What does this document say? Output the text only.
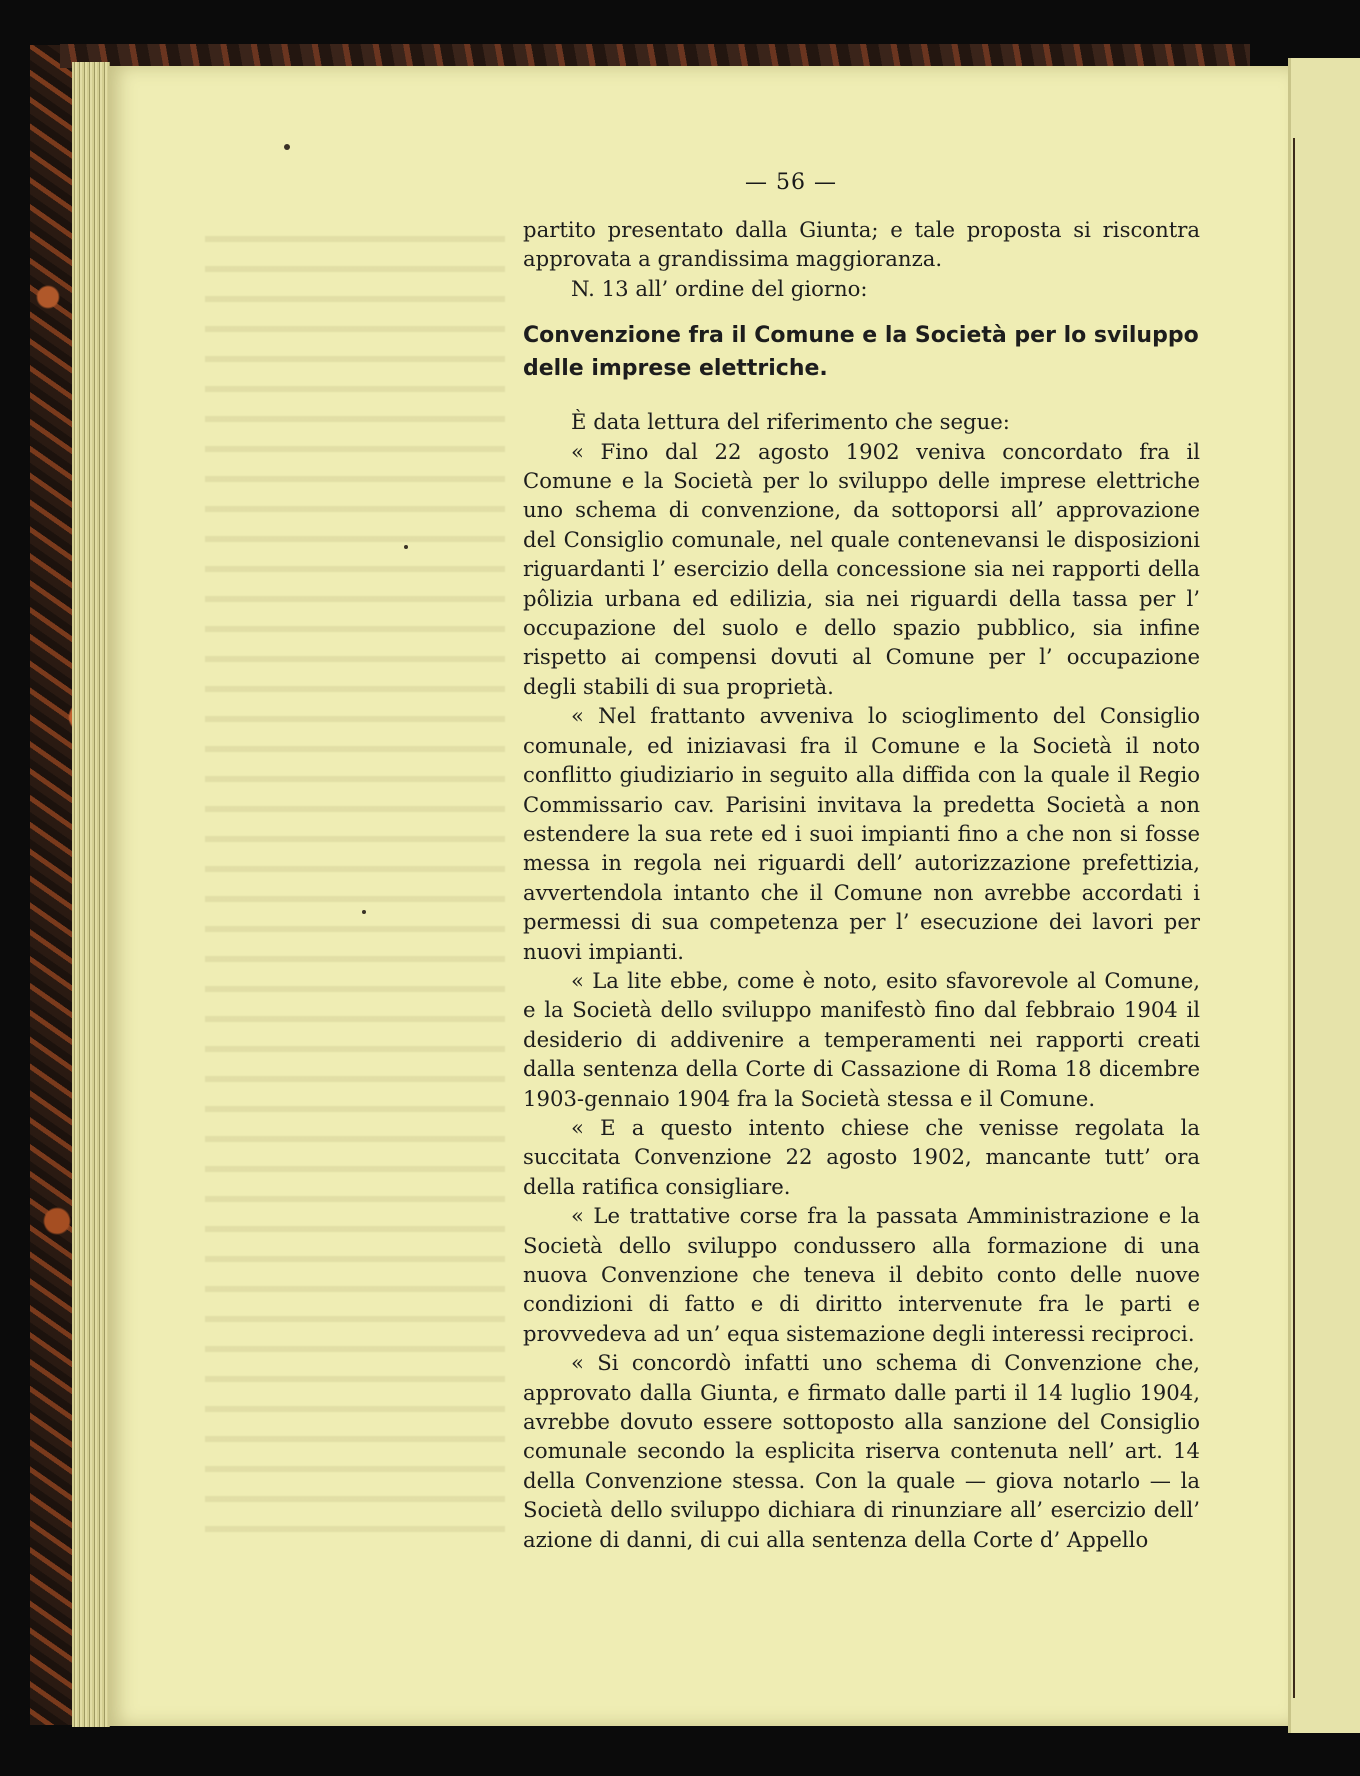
— 56 —

partito presentato dalla Giunta; e tale proposta si riscontra approvata a grandissima maggioranza.

N. 13 all’ ordine del giorno:

Convenzione fra il Comune e la Società per lo sviluppo delle imprese elettriche.

È data lettura del riferimento che segue:

« Fino dal 22 agosto 1902 veniva concordato fra il Comune e la Società per lo sviluppo delle imprese elettriche uno schema di convenzione, da sottoporsi all’ approvazione del Consiglio comunale, nel quale contenevansi le disposizioni riguardanti l’ esercizio della concessione sia nei rapporti della pôlizia urbana ed edilizia, sia nei riguardi della tassa per l’ occupazione del suolo e dello spazio pubblico, sia infine rispetto ai compensi dovuti al Comune per l’ occupazione degli stabili di sua proprietà.

« Nel frattanto avveniva lo scioglimento del Consiglio comunale, ed iniziavasi fra il Comune e la Società il noto conflitto giudiziario in seguito alla diffida con la quale il Regio Commissario cav. Parisini invitava la predetta Società a non estendere la sua rete ed i suoi impianti fino a che non si fosse messa in regola nei riguardi dell’ autorizzazione prefettizia, avvertendola intanto che il Comune non avrebbe accordati i permessi di sua competenza per l’ esecuzione dei lavori per nuovi impianti.

« La lite ebbe, come è noto, esito sfavorevole al Comune, e la Società dello sviluppo manifestò fino dal febbraio 1904 il desiderio di addivenire a temperamenti nei rapporti creati dalla sentenza della Corte di Cassazione di Roma 18 dicembre 1903-gennaio 1904 fra la Società stessa e il Comune.

« E a questo intento chiese che venisse regolata la succitata Convenzione 22 agosto 1902, mancante tutt’ ora della ratifica consigliare.

« Le trattative corse fra la passata Amministrazione e la Società dello sviluppo condussero alla formazione di una nuova Convenzione che teneva il debito conto delle nuove condizioni di fatto e di diritto intervenute fra le parti e provvedeva ad un’ equa sistemazione degli interessi reciproci.

« Si concordò infatti uno schema di Convenzione che, approvato dalla Giunta, e firmato dalle parti il 14 luglio 1904, avrebbe dovuto essere sottoposto alla sanzione del Consiglio comunale secondo la esplicita riserva contenuta nell’ art. 14 della Convenzione stessa. Con la quale — giova notarlo — la Società dello sviluppo dichiara di rinunziare all’ esercizio dell’ azione di danni, di cui alla sentenza della Corte d’ Appello
